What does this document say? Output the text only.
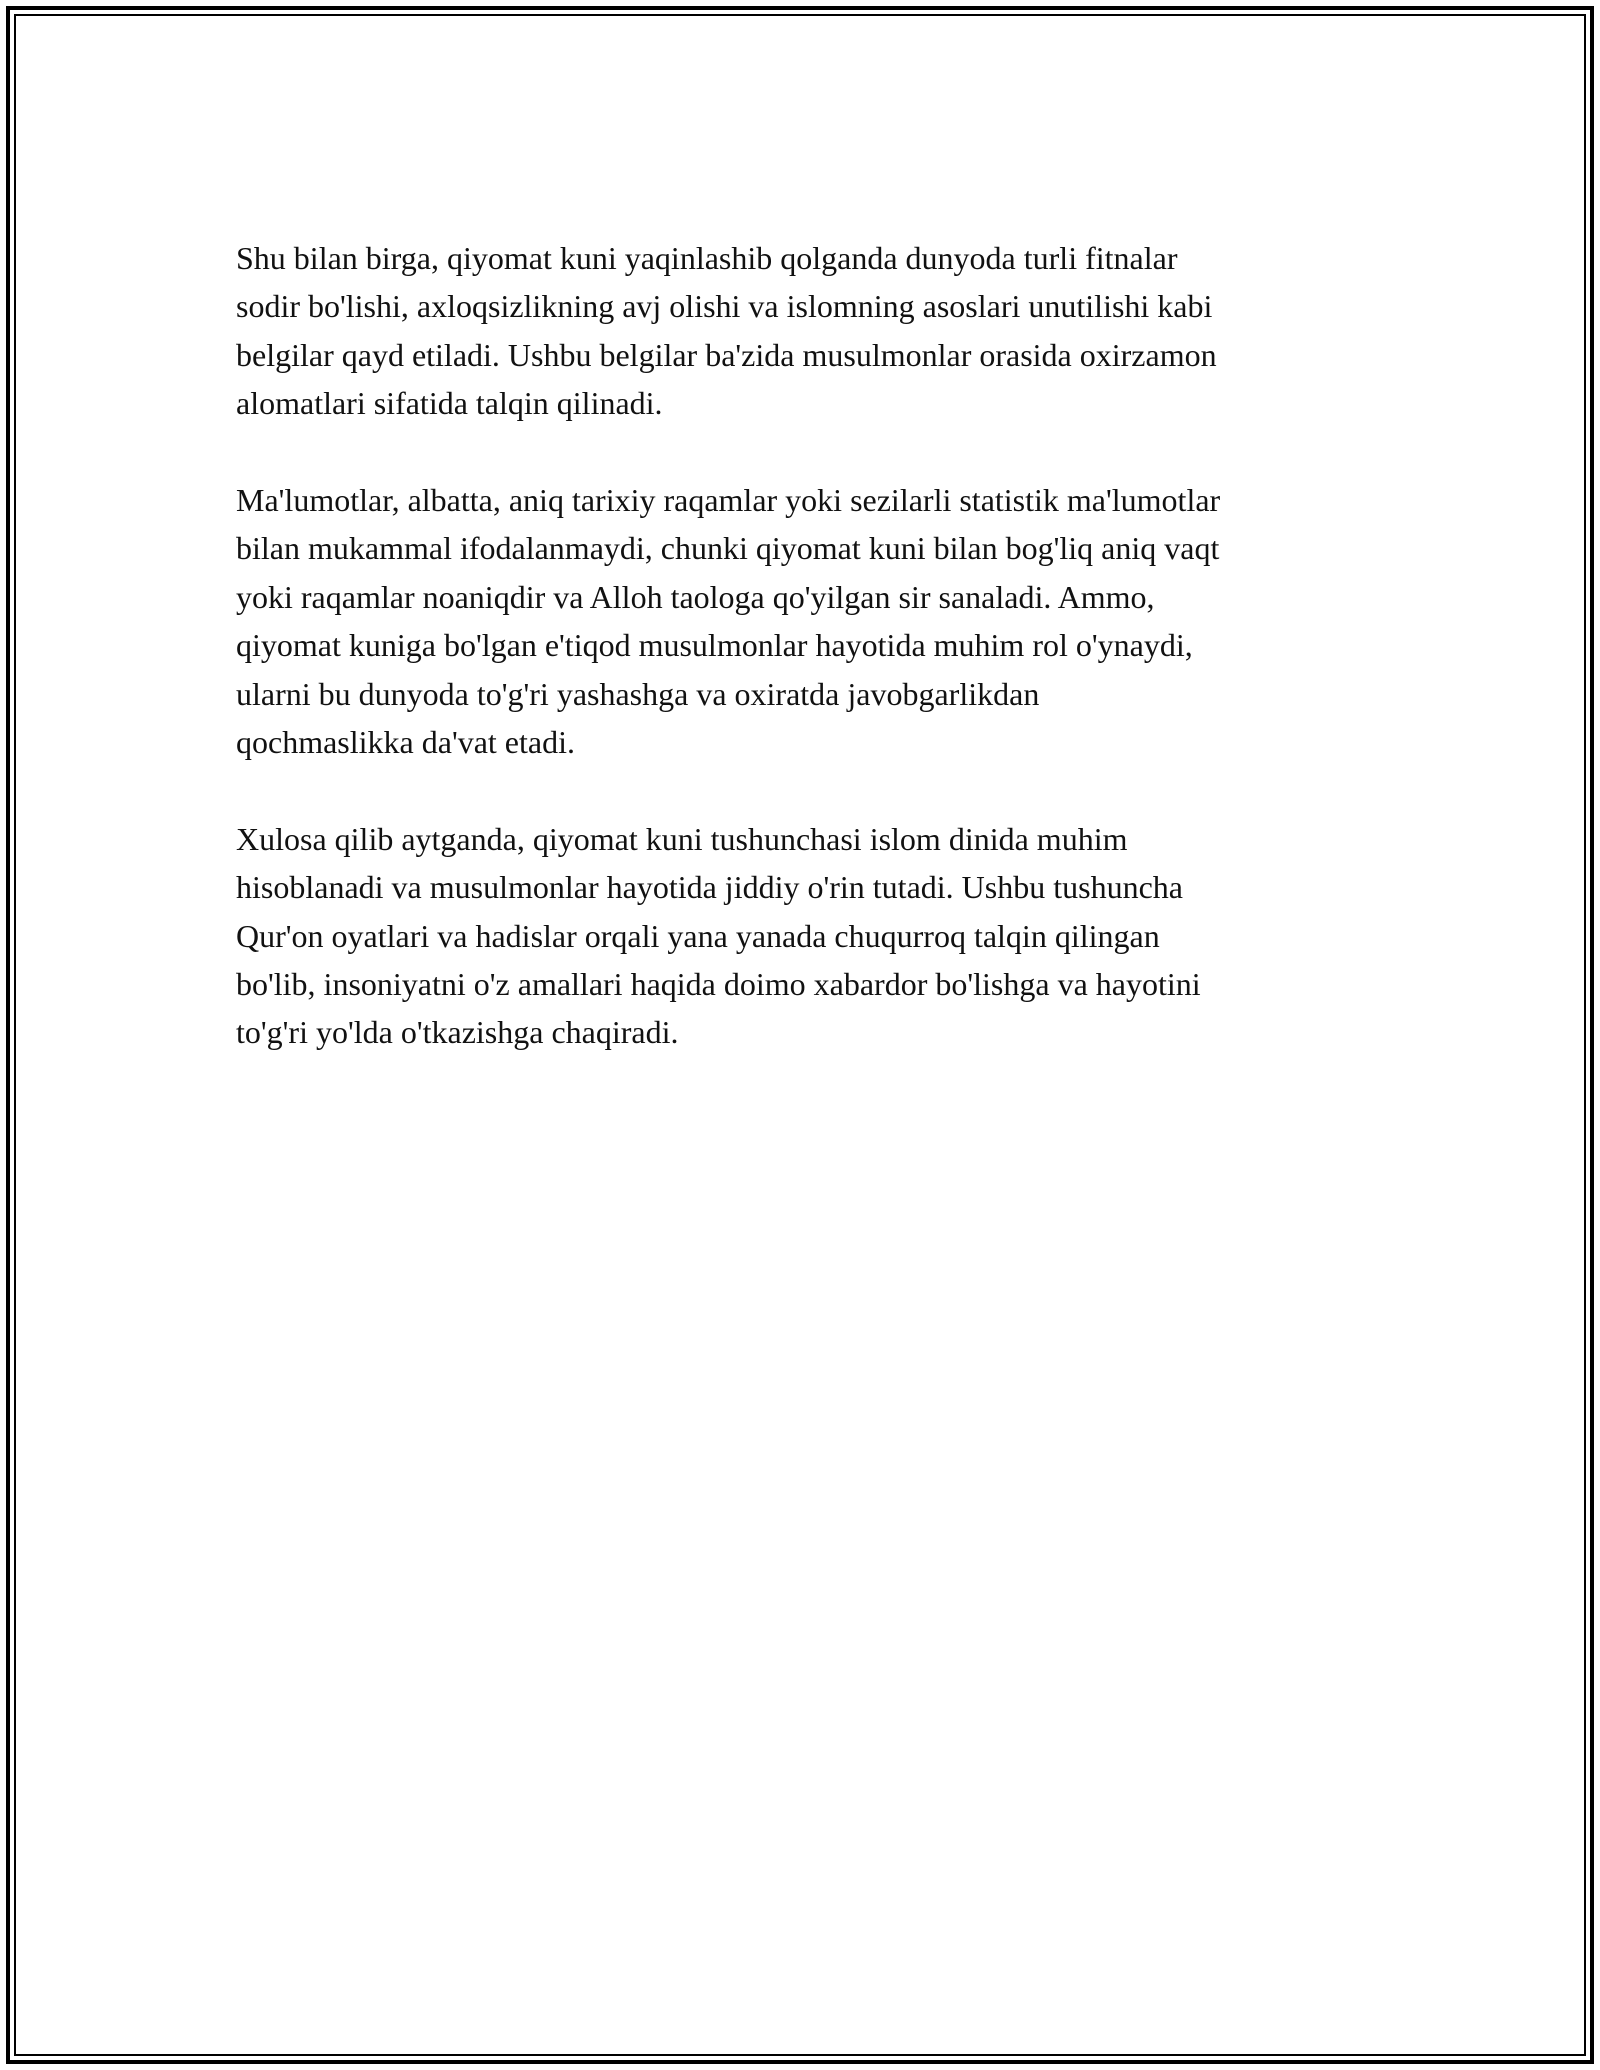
Shu bilan birga, qiyomat kuni yaqinlashib qolganda dunyoda turli fitnalar
sodir bo'lishi, axloqsizlikning avj olishi va islomning asoslari unutilishi kabi
belgilar qayd etiladi. Ushbu belgilar ba'zida musulmonlar orasida oxirzamon
alomatlari sifatida talqin qilinadi.

Ma'lumotlar, albatta, aniq tarixiy raqamlar yoki sezilarli statistik ma'lumotlar
bilan mukammal ifodalanmaydi, chunki qiyomat kuni bilan bog'liq aniq vaqt
yoki raqamlar noaniqdir va Alloh taologa qo'yilgan sir sanaladi. Ammo,
qiyomat kuniga bo'lgan e'tiqod musulmonlar hayotida muhim rol o'ynaydi,
ularni bu dunyoda to'g'ri yashashga va oxiratda javobgarlikdan
qochmaslikka da'vat etadi.

Xulosa qilib aytganda, qiyomat kuni tushunchasi islom dinida muhim
hisoblanadi va musulmonlar hayotida jiddiy o'rin tutadi. Ushbu tushuncha
Qur'on oyatlari va hadislar orqali yana yanada chuqurroq talqin qilingan
bo'lib, insoniyatni o'z amallari haqida doimo xabardor bo'lishga va hayotini
to'g'ri yo'lda o'tkazishga chaqiradi.
